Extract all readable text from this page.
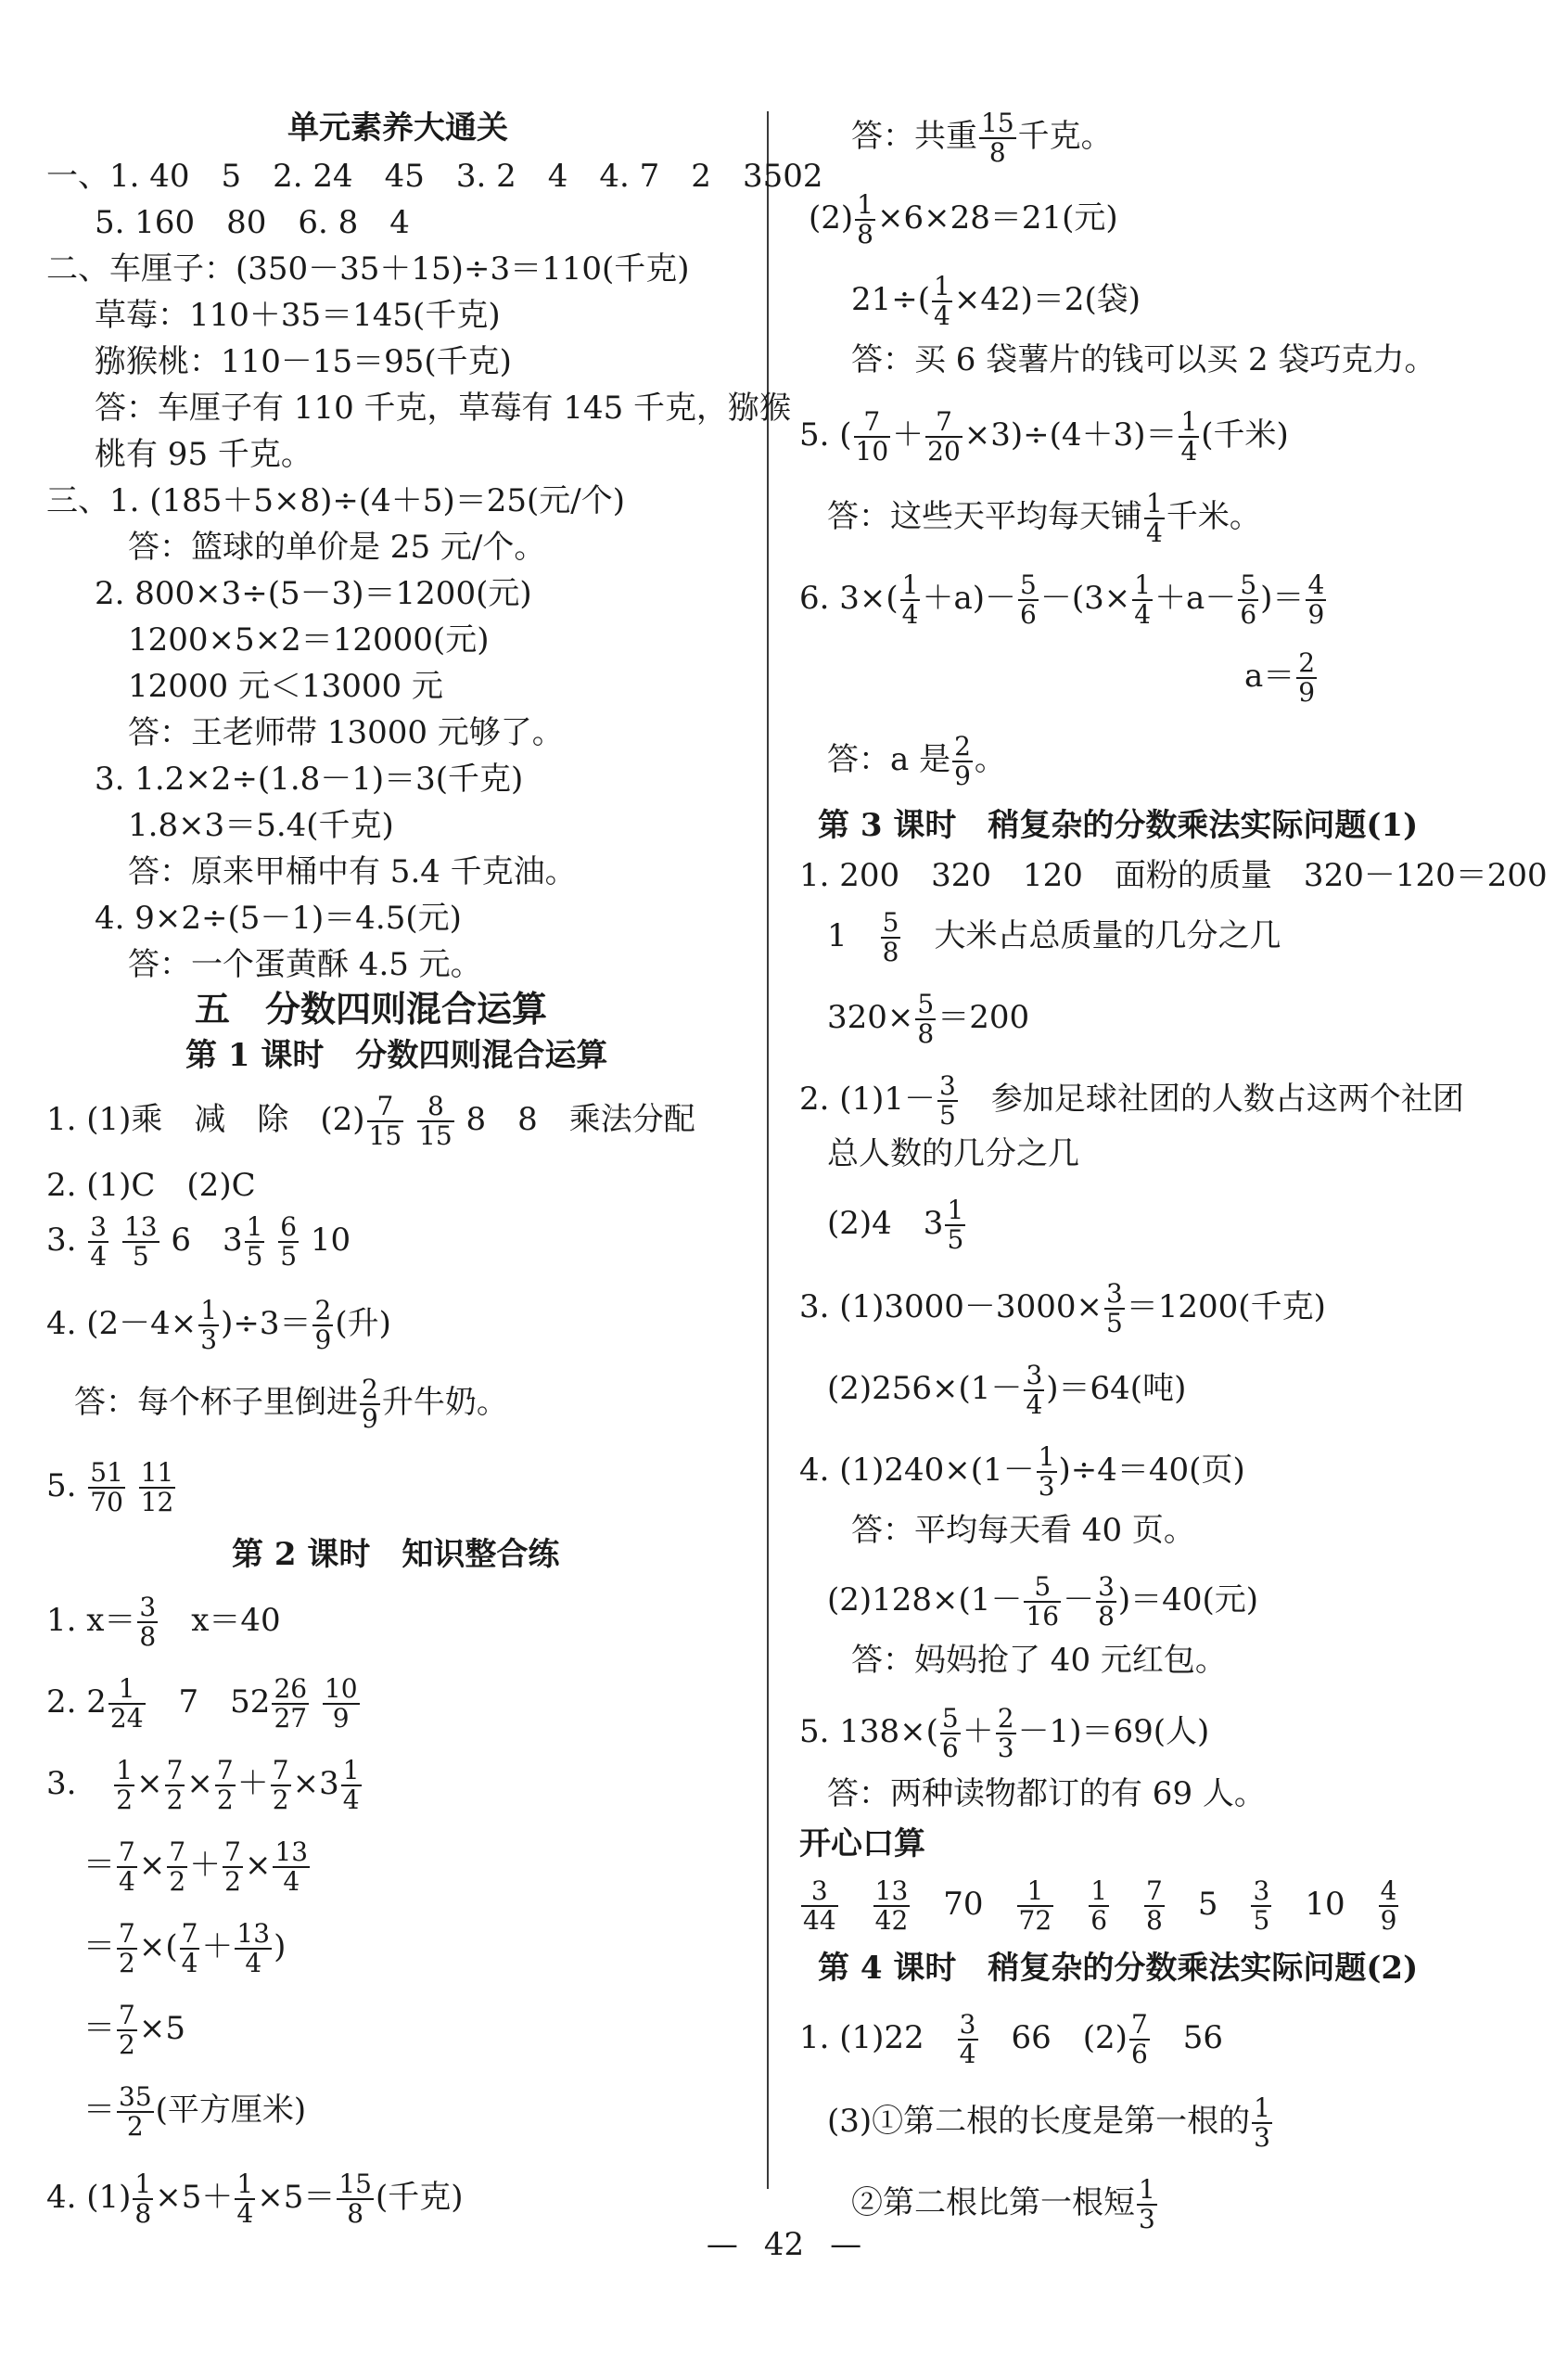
单元素养大通关
一、1. 40　5　2. 24　45　3. 2　4　4. 7　2　3502
5. 160　80　6. 8　4
二、车厘子：(350－35＋15)÷3＝110(千克)
草莓：110＋35＝145(千克)
猕猴桃：110－15＝95(千克)
答：车厘子有 110 千克，草莓有 145 千克，猕猴
桃有 95 千克。
三、1. (185＋5×8)÷(4＋5)＝25(元/个)
答：篮球的单价是 25 元/个。
2. 800×3÷(5－3)＝1200(元)
1200×5×2＝12000(元)
12000 元＜13000 元
答：王老师带 13000 元够了。
3. 1.2×2÷(1.8－1)＝3(千克)
1.8×3＝5.4(千克)
答：原来甲桶中有 5.4 千克油。
4. 9×2÷(5－1)＝4.5(元)
答：一个蛋黄酥 4.5 元。
五　分数四则混合运算
第 1 课时　分数四则混合运算
1. (1)乘　减　除　$(2) \frac{7}{15}$
$\frac{8}{15} 8$　8　乘法分配
2. (1)C　(2)C
3. $\frac{3}{4}$
$\frac{13}{5} 6$　$3 \frac{1}{5}$
$\frac{6}{5} 10$
4. $(2-4\times \frac{1}{3} )\div 3= \frac{2}{9}$ (升)
答：每个杯子里倒进 $\frac{2}{9}$ 升牛奶。
5. $\frac{51}{70}$
$\frac{11}{12}$
第 2 课时　知识整合练
1. $x= \frac{3}{8}$ 　x＝40
2. $2 \frac{1}{24}$ 　7　$52 \frac{26}{27}$
$\frac{10}{9}$
3. $\frac{1}{2} \times \frac{7}{2} \times \frac{7}{2} + \frac{7}{2} \times 3 \frac{1}{4}$
＝ $\frac{7}{4} \times \frac{7}{2} + \frac{7}{2} \times \frac{13}{4}$
＝ $\frac{7}{2}$ ×( $\frac{7}{4} + \frac{13}{4}$ )
＝ $\frac{7}{2} \times 5$
＝ $\frac{35}{2}$ (平方厘米)
4. $(1) \frac{1}{8} \times 5+ \frac{1}{4} \times 5= \frac{15}{8}$ (千克)
答：共重 $\frac{15}{8}$ 千克。
$(2) \frac{1}{8} \times 6\times 28=21$(元)
$21\div( \frac{1}{4} \times 42)=2$(袋)
答：买 6 袋薯片的钱可以买 2 袋巧克力。
5. ( $\frac{7}{10} + \frac{7}{20} \times 3)\div(4+3)= \frac{1}{4}$ (千米)
答：这些天平均每天铺 $\frac{1}{4}$ 千米。
6. $3\times( \frac{1}{4} +a)- \frac{5}{6} -(3\times \frac{1}{4} +a- \frac{5}{6}$ )＝ $\frac{4}{9}$
$a= \frac{2}{9}$
答：a 是 $\frac{2}{9}$ 。
第 3 课时　稍复杂的分数乘法实际问题(1)
1. 200　320　120　面粉的质量　320－120＝200
1　 $\frac{5}{8}$
　 大米占总质量的几分之几
$320\times \frac{5}{8} =200$
2. $(1)1- \frac{3}{5}$
　 参加足球社团的人数占这两个社团
总人数的几分之几
(2)4　$3 \frac{1}{5}$
3. $(1)3000-3000\times \frac{3}{5} =1200$(千克)
$(2)256\times(1- \frac{3}{4} )=64$(吨)
4. $(1)240\times(1- \frac{1}{3} )\div 4=40$(页)
答：平均每天看 40 页。
$(2)128\times(1- \frac{5}{16} - \frac{3}{8} )=40$(元)
答：妈妈抢了 40 元红包。
5. $138\times( \frac{5}{6} + \frac{2}{3} -1)=69$(人)
答：两种读物都订的有 69 人。
开心口算
$\frac{3}{44}$
　 $\frac{13}{42}$
　 70　 $\frac{1}{72}$
　 $\frac{1}{6}$
　 $\frac{7}{8}$
　 5　 $\frac{3}{5}$
　 10　 $\frac{4}{9}$
第 4 课时　稍复杂的分数乘法实际问题(2)
1. (1)22　 $\frac{3}{4}$
　 66　$(2) \frac{7}{6}$
　 56
(3)①第二根的长度是第一根的 $\frac{1}{3}$
②第二根比第一根短 $\frac{1}{3}$
— 42 —
